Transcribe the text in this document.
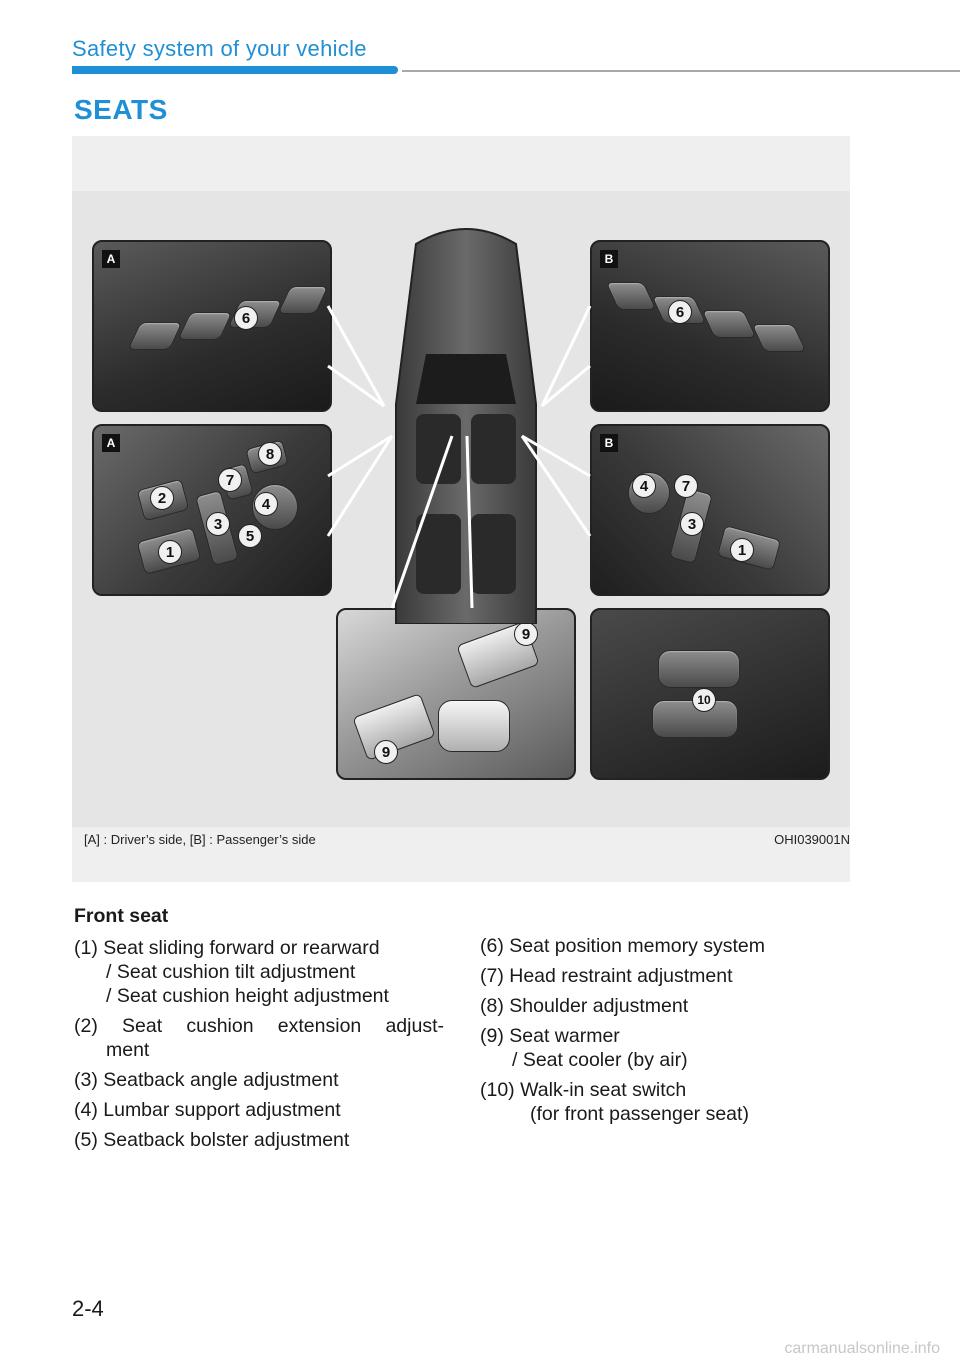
Safety system of your vehicle
SEATS
A
6
B
6
A
8
2
7
4
3
5
1
B
4	7
3
1
9
9
10
[A] : Driver’s side, [B] : Passenger’s side	OHI039001N
Front seat
(1) Seat sliding forward or rearward
/ Seat cushion tilt adjustment
/ Seat cushion height adjustment
(2) Seat cushion extension adjust-
ment
(3) Seatback angle adjustment
(4) Lumbar support adjustment
(5) Seatback bolster adjustment
(6) Seat position memory system
(7) Head restraint adjustment
(8) Shoulder adjustment
(9) Seat warmer
/ Seat cooler (by air)
(10) Walk-in seat switch
(for front passenger seat)
2-4
carmanualsonline.info
